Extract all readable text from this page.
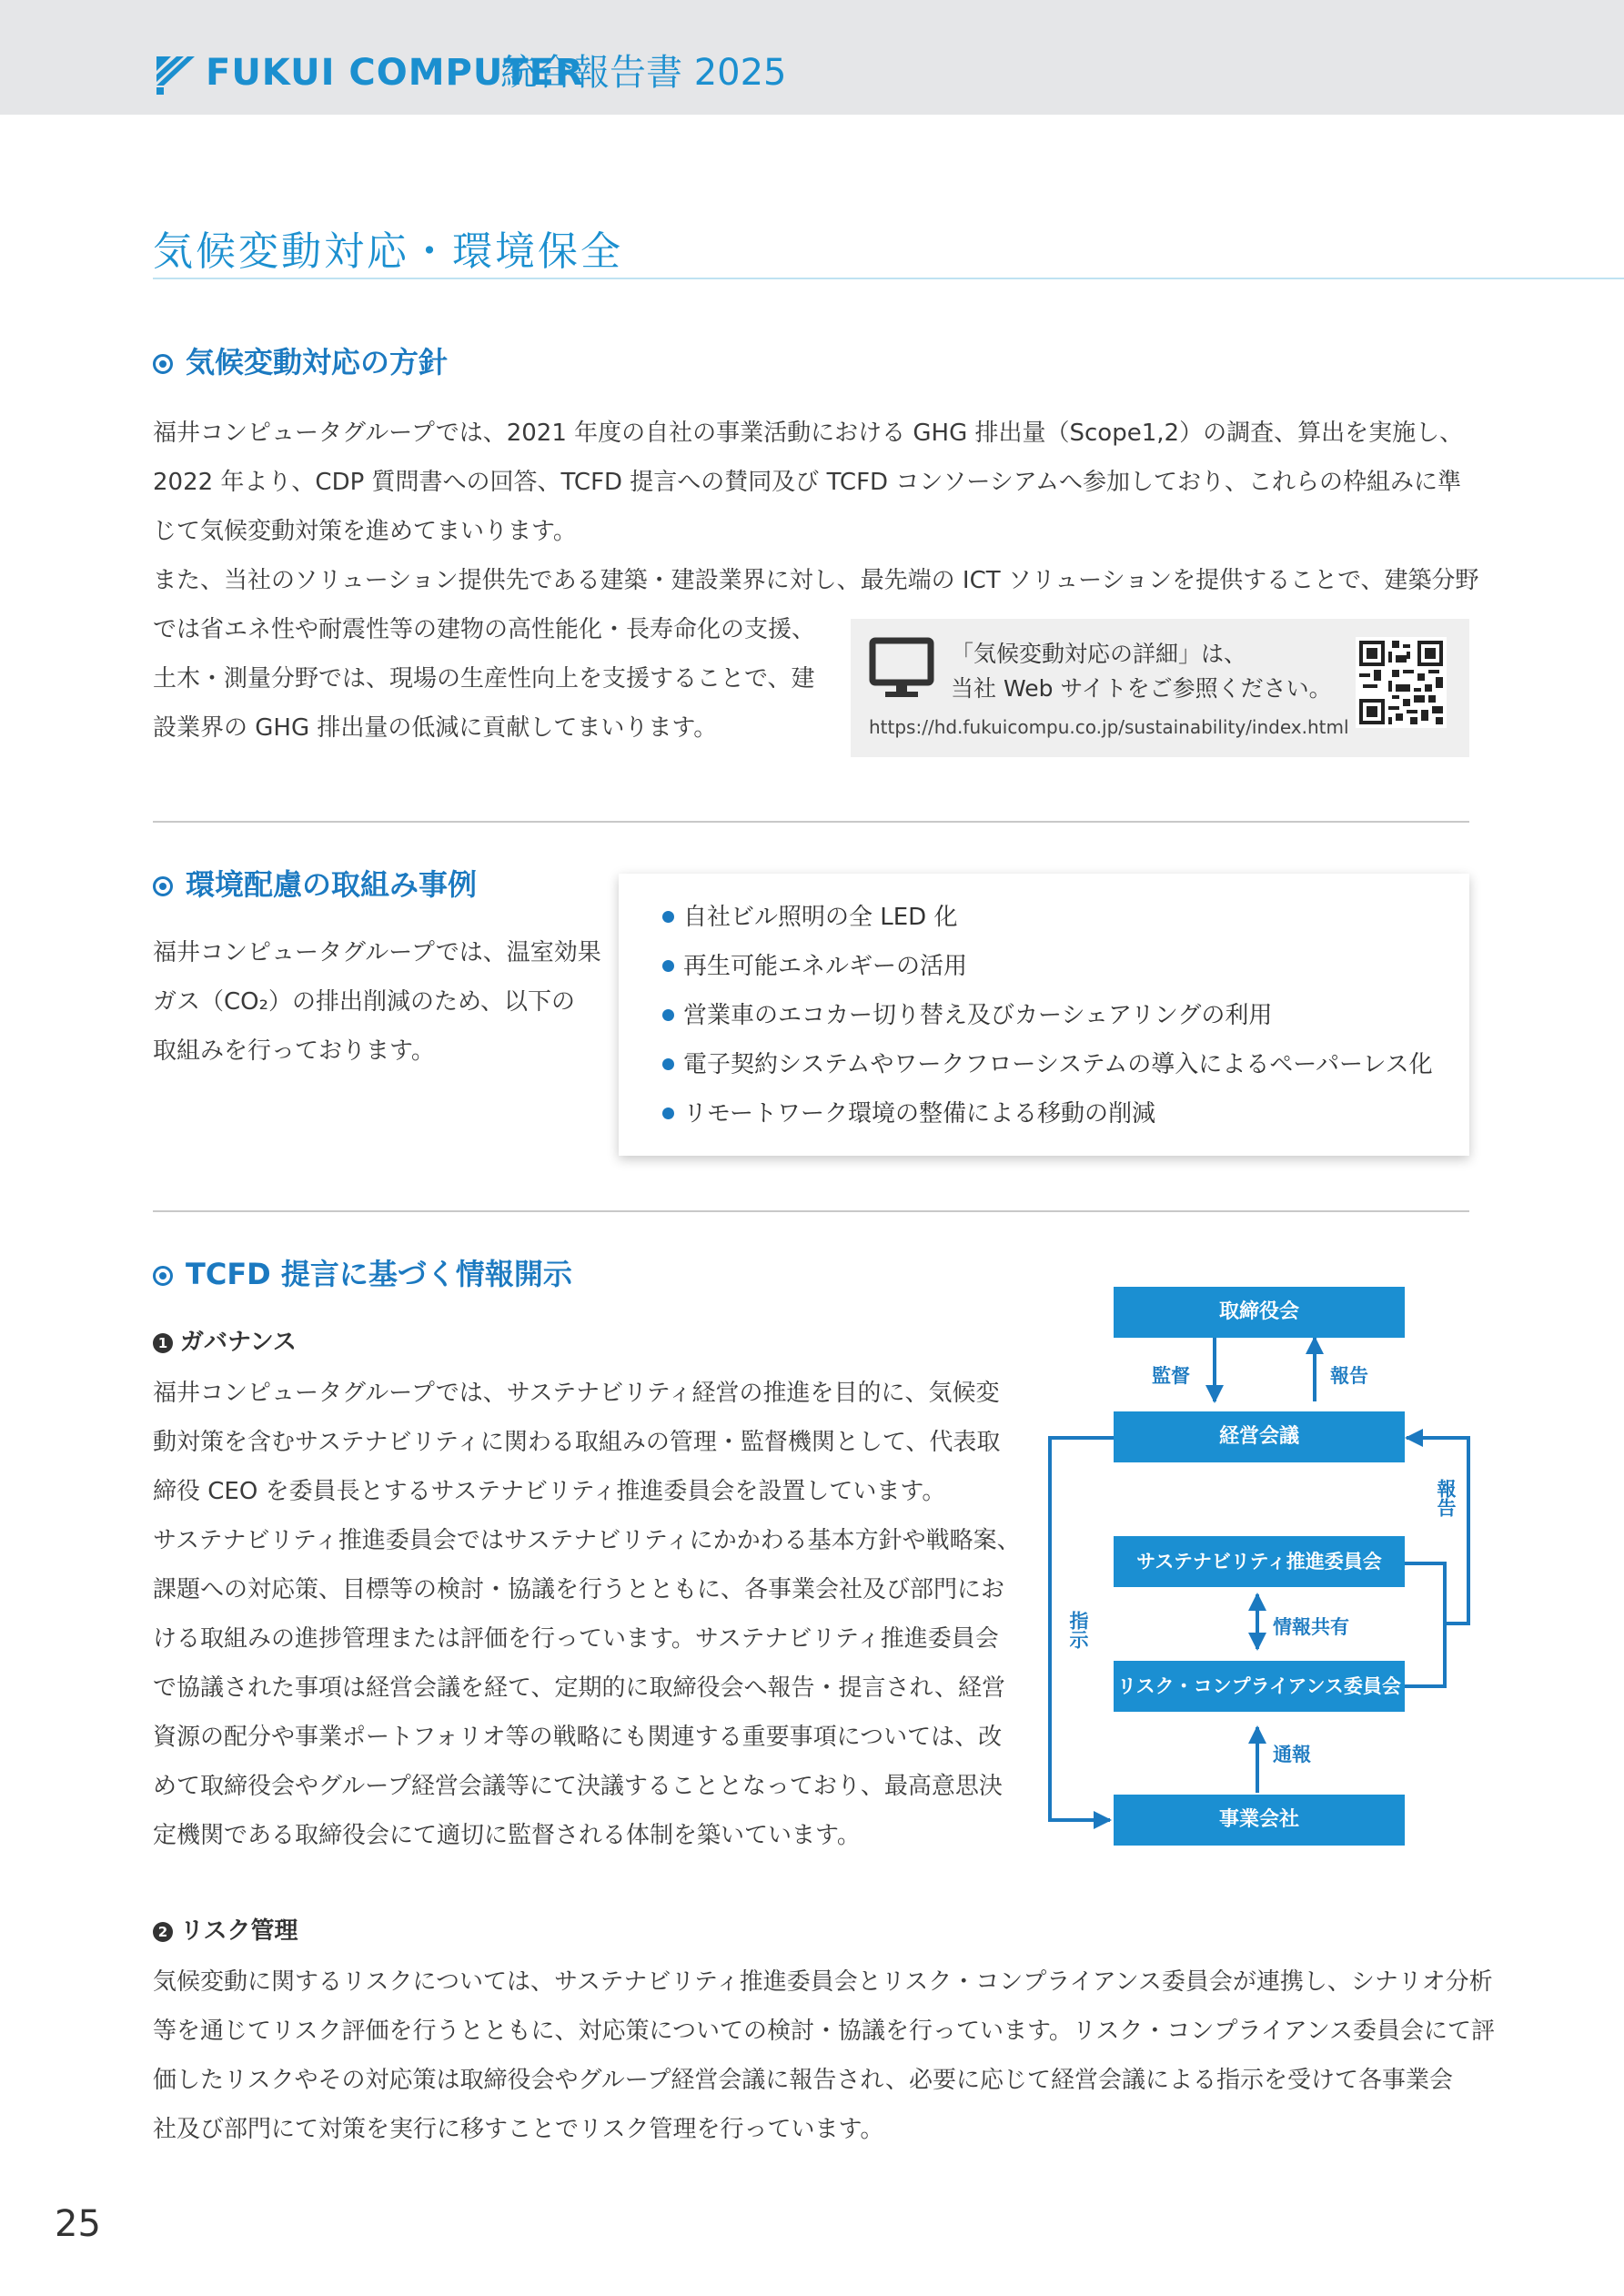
FUKUI COMPUTER
統合報告書 2025
気候変動対応・環境保全
気候変動対応の方針
福井コンピュータグループでは、2021 年度の自社の事業活動における GHG 排出量（Scope1,2）の調査、算出を実施し、
2022 年より、CDP 質問書への回答、TCFD 提言への賛同及び TCFD コンソーシアムへ参加しており、これらの枠組みに準
じて気候変動対策を進めてまいります。
また、当社のソリューション提供先である建築・建設業界に対し、最先端の ICT ソリューションを提供することで、建築分野
では省エネ性や耐震性等の建物の高性能化・長寿命化の支援、
土木・測量分野では、現場の生産性向上を支援することで、建
設業界の GHG 排出量の低減に貢献してまいります。
「気候変動対応の詳細」は、
当社 Web サイトをご参照ください。
https://hd.fukuicompu.co.jp/sustainability/index.html
環境配慮の取組み事例
福井コンピュータグループでは、温室効果
ガス（CO₂）の排出削減のため、以下の
取組みを行っております。
自社ビル照明の全 LED 化
再生可能エネルギーの活用
営業車のエコカー切り替え及びカーシェアリングの利用
電子契約システムやワークフローシステムの導入によるペーパーレス化
リモートワーク環境の整備による移動の削減
TCFD 提言に基づく情報開示
1 ガバナンス
福井コンピュータグループでは、サステナビリティ経営の推進を目的に、気候変
動対策を含むサステナビリティに関わる取組みの管理・監督機関として、代表取
締役 CEO を委員長とするサステナビリティ推進委員会を設置しています。
サステナビリティ推進委員会ではサステナビリティにかかわる基本方針や戦略案、
課題への対応策、目標等の検討・協議を行うとともに、各事業会社及び部門にお
ける取組みの進捗管理または評価を行っています。サステナビリティ推進委員会
で協議された事項は経営会議を経て、定期的に取締役会へ報告・提言され、経営
資源の配分や事業ポートフォリオ等の戦略にも関連する重要事項については、改
めて取締役会やグループ経営会議等にて決議することとなっており、最高意思決
定機関である取締役会にて適切に監督される体制を築いています。
取締役会
経営会議
サステナビリティ推進委員会
リスク・コンプライアンス委員会
事業会社
監督	報告
情報共有
通報
指示
報告
2 リスク管理
気候変動に関するリスクについては、サステナビリティ推進委員会とリスク・コンプライアンス委員会が連携し、シナリオ分析
等を通じてリスク評価を行うとともに、対応策についての検討・協議を行っています。リスク・コンプライアンス委員会にて評
価したリスクやその対応策は取締役会やグループ経営会議に報告され、必要に応じて経営会議による指示を受けて各事業会
社及び部門にて対策を実行に移すことでリスク管理を行っています。
25
